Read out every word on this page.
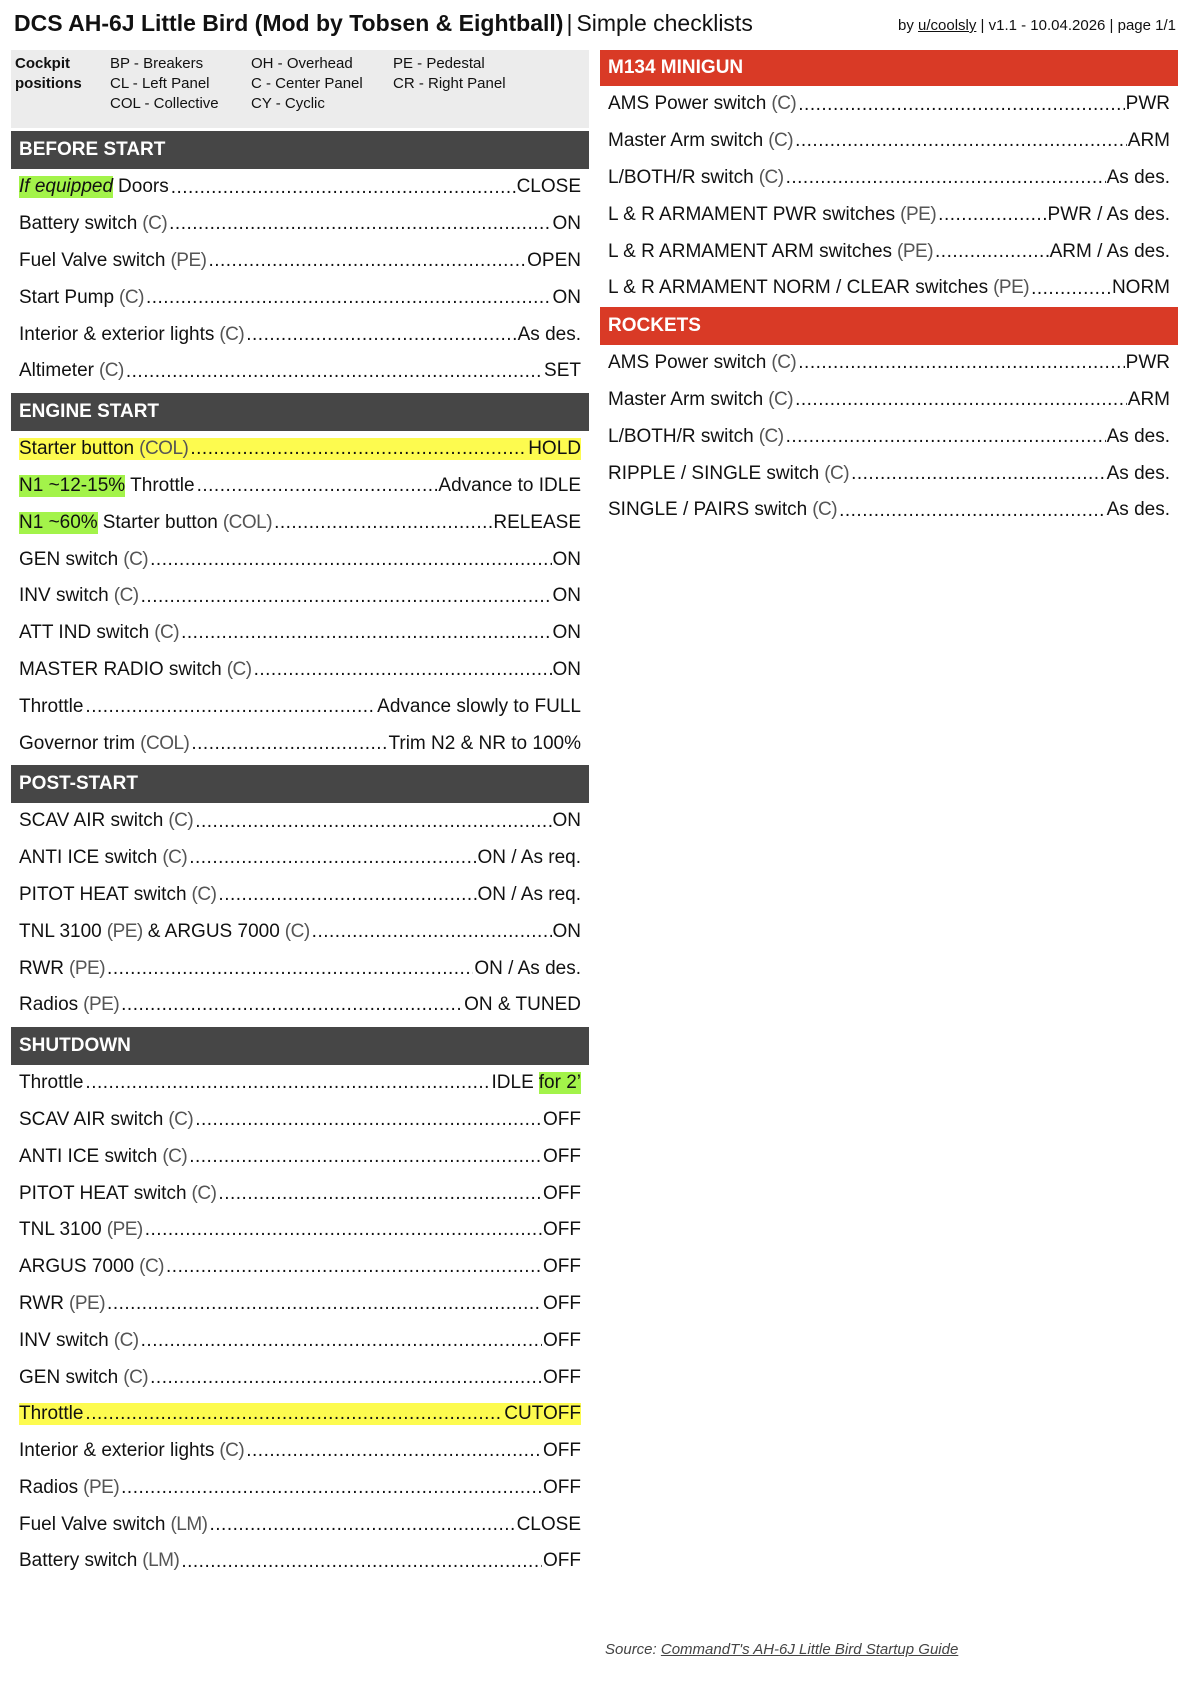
DCS AH-6J Little Bird (Mod by Tobsen & Eightball) | Simple checklists	by u/coolsly | v1.1 - 10.04.2026 | page 1/1
Cockpit
positions
BP - Breakers
CL - Left Panel
COL - Collective
OH - Overhead
C - Center Panel
CY - Cyclic
PE - Pedestal
CR - Right Panel
BEFORE START
If equipped Doors .....	CLOSE
Battery switch (C) .....	ON
Fuel Valve switch (PE) .....	OPEN
Start Pump (C) .....	ON
Interior & exterior lights (C) .....	As des.
Altimeter (C) .....	SET
ENGINE START
Starter button (COL) .....	HOLD
N1 ~12-15% Throttle .....	Advance to IDLE
N1 ~60% Starter button (COL) .....	RELEASE
GEN switch (C) .....	ON
INV switch (C) .....	ON
ATT IND switch (C) .....	ON
MASTER RADIO switch (C) .....	ON
Throttle .....	Advance slowly to FULL
Governor trim (COL) .....	Trim N2 & NR to 100%
POST-START
SCAV AIR switch (C) .....	ON
ANTI ICE switch (C) .....	ON / As req.
PITOT HEAT switch (C) .....	ON / As req.
TNL 3100 (PE) & ARGUS 7000 (C) .....	ON
RWR (PE) .....	ON / As des.
Radios (PE) .....	ON & TUNED
SHUTDOWN
Throttle .....	IDLE for 2’
SCAV AIR switch (C) .....	OFF
ANTI ICE switch (C) .....	OFF
PITOT HEAT switch (C) .....	OFF
TNL 3100 (PE) .....	OFF
ARGUS 7000 (C) .....	OFF
RWR (PE) .....	OFF
INV switch (C) .....	OFF
GEN switch (C) .....	OFF
Throttle .....	CUTOFF
Interior & exterior lights (C) .....	OFF
Radios (PE) .....	OFF
Fuel Valve switch (LM) .....	CLOSE
Battery switch (LM) .....	OFF
M134 MINIGUN
AMS Power switch (C) .....	PWR
Master Arm switch (C) .....	ARM
L/BOTH/R switch (C) .....	As des.
L & R ARMAMENT PWR switches (PE) .....	PWR / As des.
L & R ARMAMENT ARM switches (PE) .....	ARM / As des.
L & R ARMAMENT NORM / CLEAR switches (PE) .....	NORM
ROCKETS
AMS Power switch (C) .....	PWR
Master Arm switch (C) .....	ARM
L/BOTH/R switch (C) .....	As des.
RIPPLE / SINGLE switch (C) .....	As des.
SINGLE / PAIRS switch (C) .....	As des.
Source: CommandT's AH-6J Little Bird Startup Guide
